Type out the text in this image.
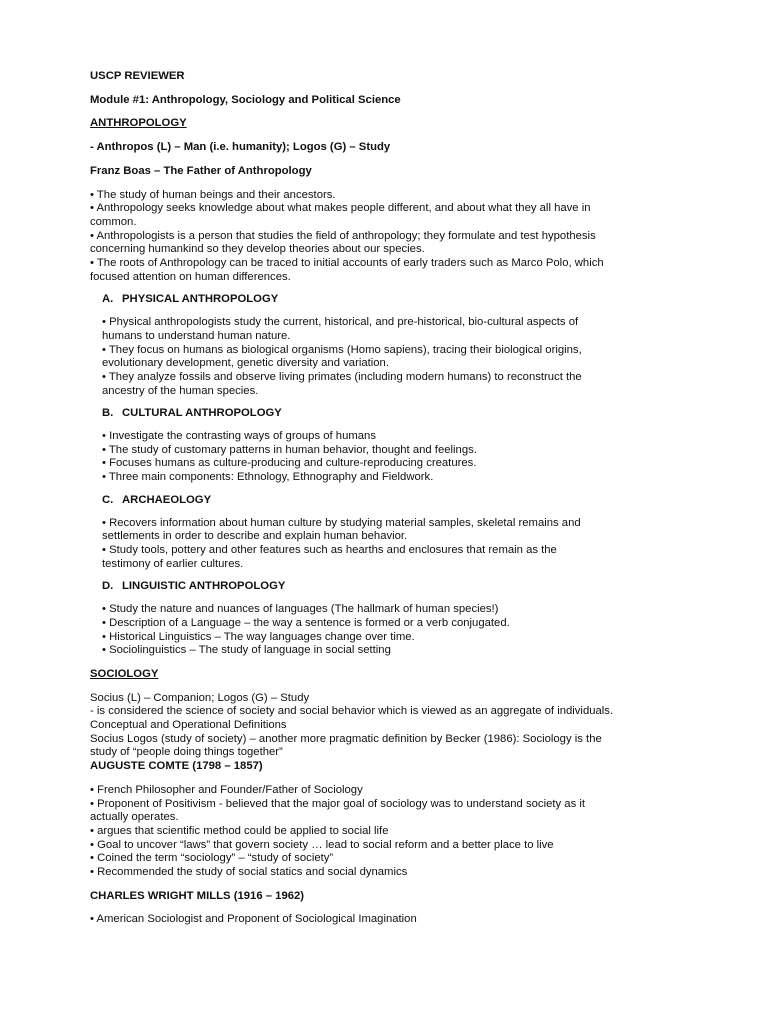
USCP REVIEWER

Module #1: Anthropology, Sociology and Political Science

ANTHROPOLOGY

- Anthropos (L) – Man (i.e. humanity); Logos (G) – Study

Franz Boas – The Father of Anthropology

• The study of human beings and their ancestors.

• Anthropology seeks knowledge about what makes people different, and about what they all have in

common.

• Anthropologists is a person that studies the field of anthropology; they formulate and test hypothesis

concerning humankind so they develop theories about our species.

• The roots of Anthropology can be traced to initial accounts of early traders such as Marco Polo, which

focused attention on human differences.

A. PHYSICAL ANTHROPOLOGY

• Physical anthropologists study the current, historical, and pre-historical, bio-cultural aspects of

humans to understand human nature.

• They focus on humans as biological organisms (Homo sapiens), tracing their biological origins,

evolutionary development, genetic diversity and variation.

• They analyze fossils and observe living primates (including modern humans) to reconstruct the

ancestry of the human species.

B. CULTURAL ANTHROPOLOGY

• Investigate the contrasting ways of groups of humans

• The study of customary patterns in human behavior, thought and feelings.

• Focuses humans as culture-producing and culture-reproducing creatures.

• Three main components: Ethnology, Ethnography and Fieldwork.

C. ARCHAEOLOGY

• Recovers information about human culture by studying material samples, skeletal remains and

settlements in order to describe and explain human behavior.

• Study tools, pottery and other features such as hearths and enclosures that remain as the

testimony of earlier cultures.

D. LINGUISTIC ANTHROPOLOGY

• Study the nature and nuances of languages (The hallmark of human species!)

• Description of a Language – the way a sentence is formed or a verb conjugated.

• Historical Linguistics – The way languages change over time.

• Sociolinguistics – The study of language in social setting

SOCIOLOGY

Socius (L) – Companion; Logos (G) – Study

- is considered the science of society and social behavior which is viewed as an aggregate of individuals.

Conceptual and Operational Definitions

Socius Logos (study of society) – another more pragmatic definition by Becker (1986): Sociology is the

study of “people doing things together”

AUGUSTE COMTE (1798 – 1857)

• French Philosopher and Founder/Father of Sociology

• Proponent of Positivism - believed that the major goal of sociology was to understand society as it

actually operates.

• argues that scientific method could be applied to social life

• Goal to uncover “laws” that govern society … lead to social reform and a better place to live

• Coined the term “sociology” – “study of society”

• Recommended the study of social statics and social dynamics

CHARLES WRIGHT MILLS (1916 – 1962)

• American Sociologist and Proponent of Sociological Imagination
